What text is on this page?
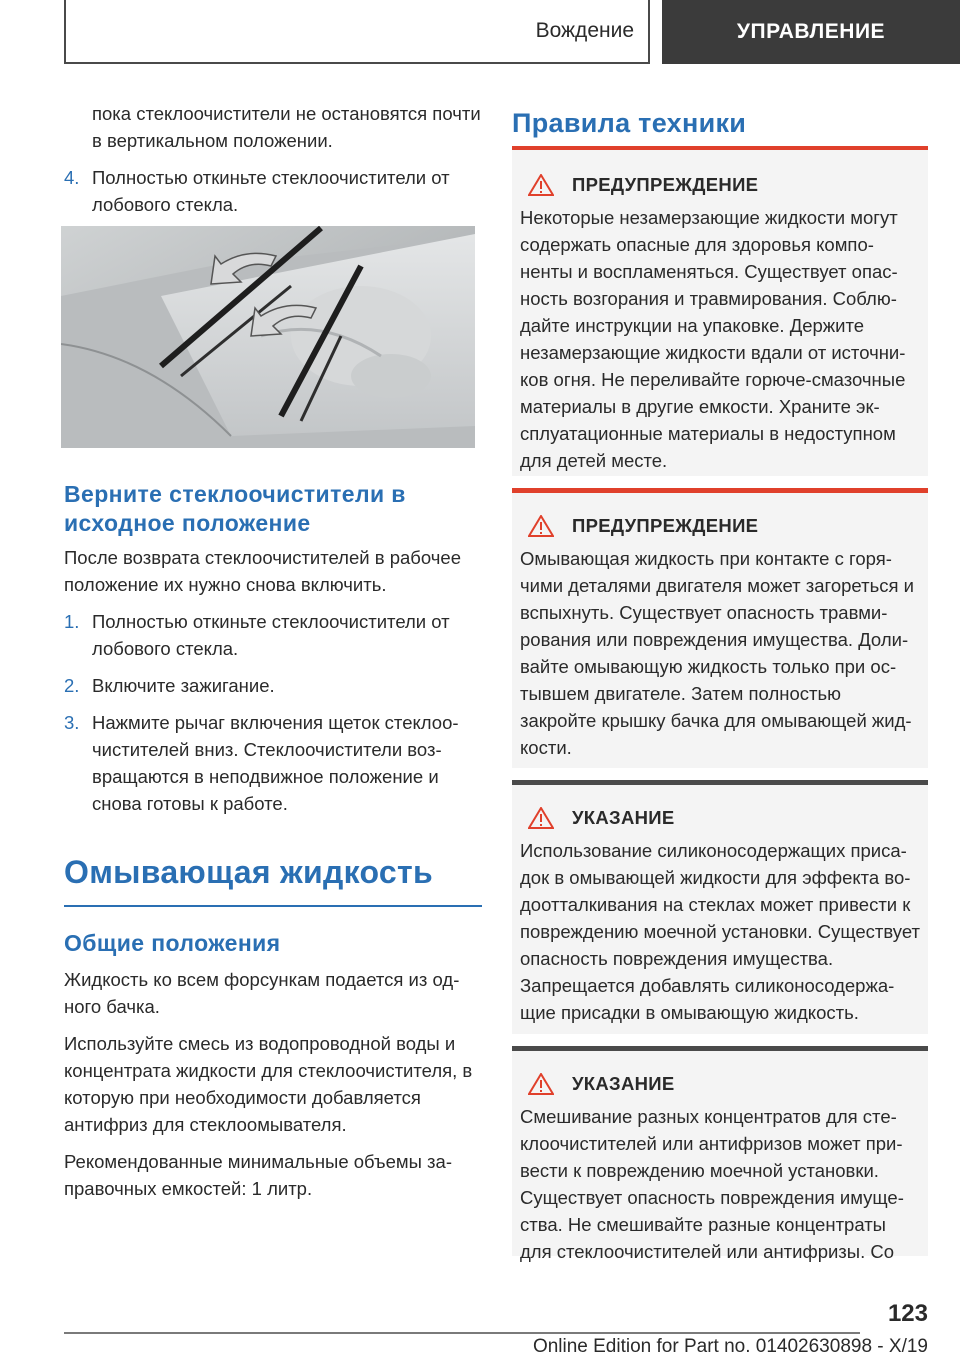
Вождение	УПРАВЛЕНИЕ
пока стеклоочистители не остановятся почти в вертикальном положении.
4. Полностью откиньте стеклоочистители от лобового стекла.
Верните стеклоочистители в исходное положение
После возврата стеклоочистителей в рабочее положение их нужно снова включить.
1. Полностью откиньте стеклоочистители от лобового стекла.
2. Включите зажигание.
3. Нажмите рычаг включения щеток стеклоочистителей вниз. Стеклоочистители возвращаются в неподвижное положение и снова готовы к работе.
Омывающая жидкость
Общие положения
Жидкость ко всем форсункам подается из одного бачка.
Используйте смесь из водопроводной воды и концентрата жидкости для стеклоочистителя, в которую при необходимости добавляется антифриз для стеклоомывателя.
Рекомендованные минимальные объемы заправочных емкостей: 1 литр.
Правила техники
ПРЕДУПРЕЖДЕНИЕ
Некоторые незамерзающие жидкости могут содержать опасные для здоровья компоненты и воспламеняться. Существует опасность возгорания и травмирования. Соблюдайте инструкции на упаковке. Держите незамерзающие жидкости вдали от источников огня. Не переливайте горюче-смазочные материалы в другие емкости. Храните эксплуатационные материалы в недоступном для детей месте.
ПРЕДУПРЕЖДЕНИЕ
Омывающая жидкость при контакте с горячими деталями двигателя может загореться и вспыхнуть. Существует опасность травмирования или повреждения имущества. Доливайте омывающую жидкость только при остывшем двигателе. Затем полностью закройте крышку бачка для омывающей жидкости.
УКАЗАНИЕ
Использование силиконосодержащих присадок в омывающей жидкости для эффекта водоотталкивания на стеклах может привести к повреждению моечной установки. Существует опасность повреждения имущества. Запрещается добавлять силиконосодержащие присадки в омывающую жидкость.
УКАЗАНИЕ
Смешивание разных концентратов для стеклоочистителей или антифризов может привести к повреждению моечной установки. Существует опасность повреждения имущества. Не смешивайте разные концентраты для стеклоочистителей или антифризы. Со
123
Online Edition for Part no. 01402630898 - X/19
